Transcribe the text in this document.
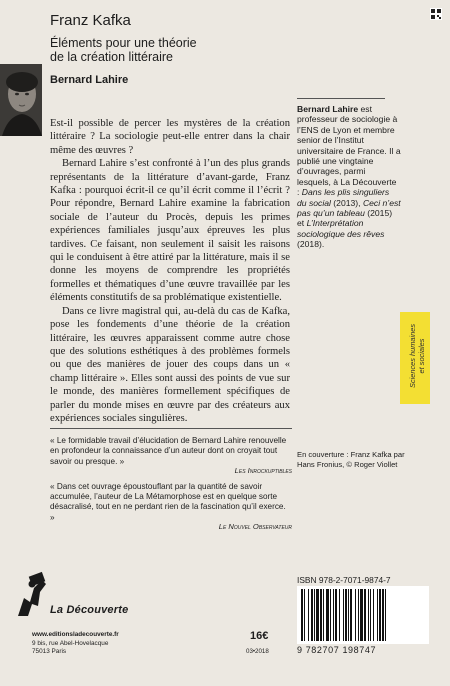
Franz Kafka
Éléments pour une théorie
de la création littéraire
Bernard Lahire

Est-il possible de percer les mystères de la création littéraire ? La sociologie peut-elle entrer dans la chair même des œuvres ?

Bernard Lahire s’est confronté à l’un des plus grands représentants de la littérature d’avant-garde, Franz Kafka : pourquoi écrit-il ce qu’il écrit comme il l’écrit ? Pour répondre, Bernard Lahire examine la fabrication sociale de l’auteur du Procès, depuis les primes expériences familiales jusqu’aux épreuves les plus tardives. Ce faisant, non seulement il saisit les raisons qui le conduisent à être attiré par la littérature, mais il se donne les moyens de comprendre les propriétés formelles et thématiques d’une œuvre travaillée par les éléments constitutifs de sa problématique existentielle.

Dans ce livre magistral qui, au-delà du cas de Kafka, pose les fondements d’une théorie de la création littéraire, les œuvres apparaissent comme autre chose que des solutions esthétiques à des problèmes formels ou que des manières de jouer des coups dans un « champ littéraire ». Elles sont aussi des points de vue sur le monde, des manières formellement spécifiques de parler du monde mises en œuvre par des créateurs aux expériences sociales singulières.

« Le formidable travail d’élucidation de Bernard Lahire renouvelle en profondeur la connaissance d’un auteur dont on croyait tout savoir ou presque. »
Les Inrockuptibles
« Dans cet ouvrage époustouflant par la quantité de savoir accumulée, l’auteur de La Métamorphose est en quelque sorte désacralisé, tout en ne perdant rien de la fascination qu’il exerce. »
Le Nouvel Observateur
Bernard Lahire est professeur de sociologie à l’ENS de Lyon et membre senior de l’Institut universitaire de France. Il a publié une vingtaine d’ouvrages, parmi lesquels, à La Découverte : Dans les plis singuliers du social (2013), Ceci n’est pas qu’un tableau (2015) et L’Interprétation sociologique des rêves (2018).
Sciences humaines et sociales
En couverture : Franz Kafka par Hans Fronius, © Roger Viollet
La Découverte
www.editionsladecouverte.fr
9 bis, rue Abel-Hovelacque
75013 Paris
16€
03•2018
ISBN 978-2-7071-9874-7
9 782707 198747
